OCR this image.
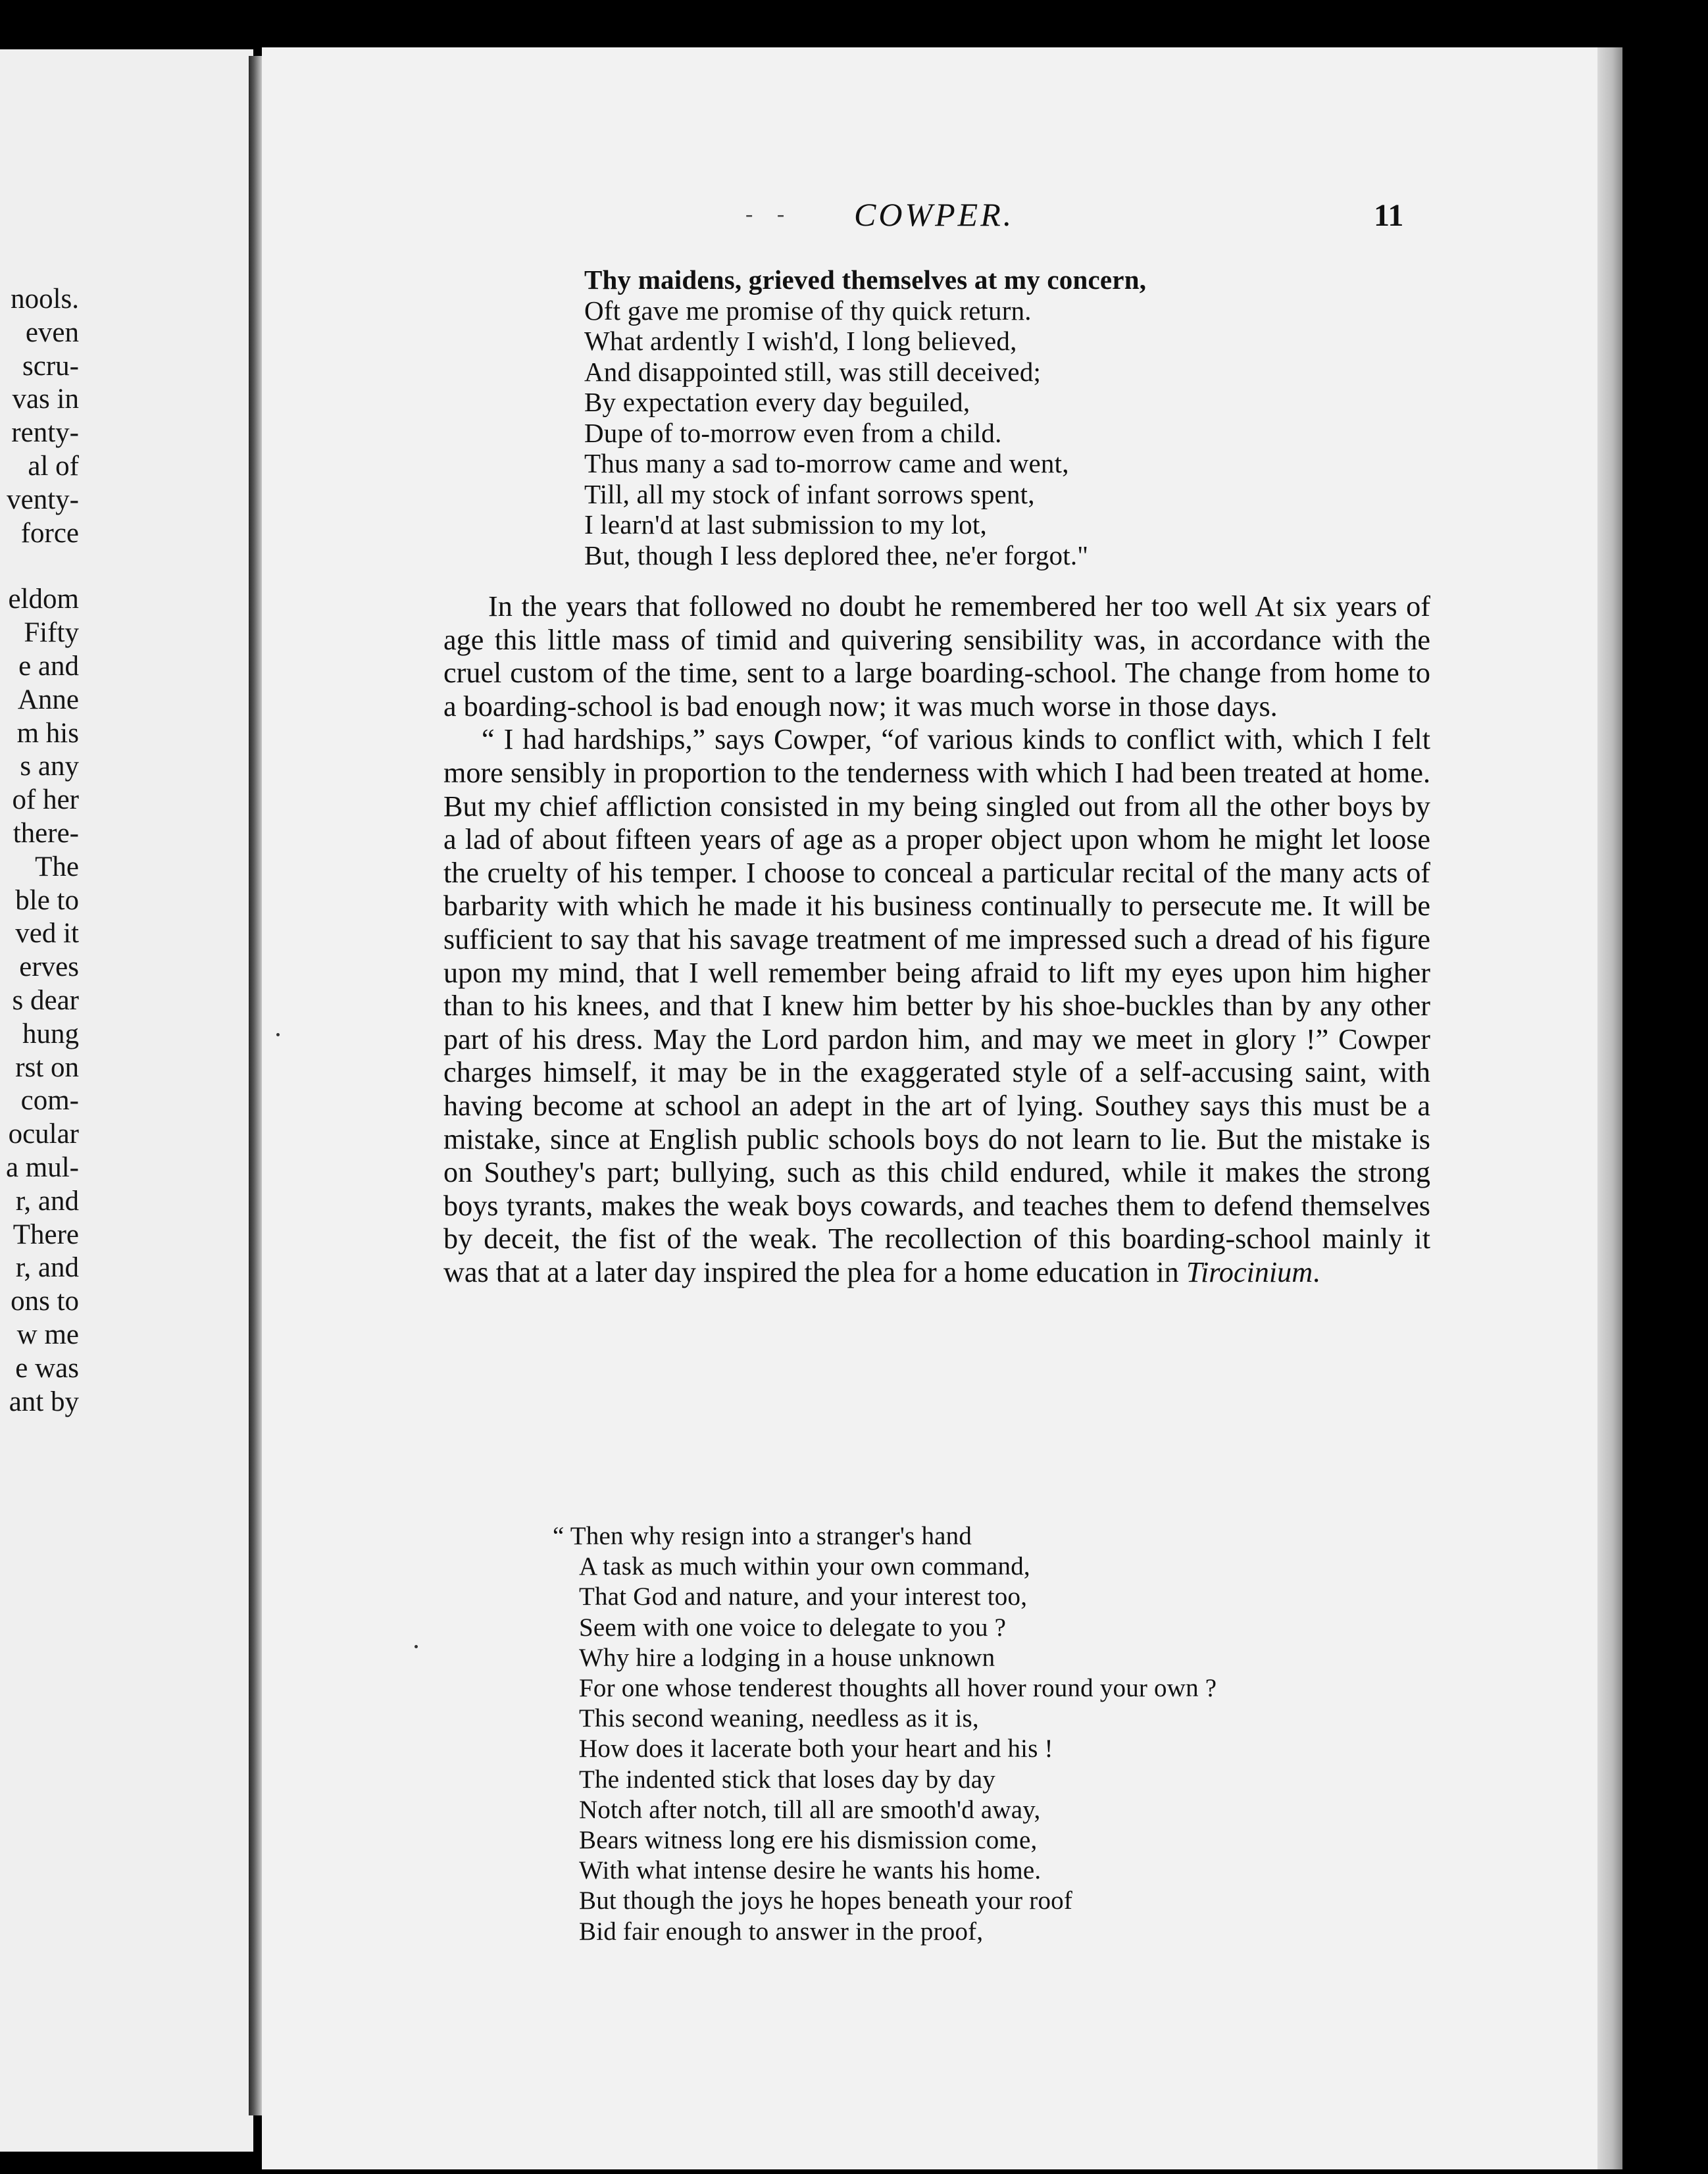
nools.
even
scru-
vas in
renty-
al of
venty-
force
eldom
Fifty
e and
Anne
m his
s any
of her
there-
The
ble to
ved it
erves
s dear
hung
rst on
com-
ocular
a mul-
r, and
There
r, and
ons to
w me
e was
ant by
- - COWPER.	11
Thy maidens, grieved themselves at my concern,
Oft gave me promise of thy quick return.
What ardently I wish'd, I long believed,
And disappointed still, was still deceived;
By expectation every day beguiled,
Dupe of to-morrow even from a child.
Thus many a sad to-morrow came and went,
Till, all my stock of infant sorrows spent,
I learn'd at last submission to my lot,
But, though I less deplored thee, ne'er forgot."

In the years that followed no doubt he remembered her too well At six years of age this little mass of timid and quivering sensibility was, in accordance with the cruel custom of the time, sent to a large boarding-school. The change from home to a boarding-school is bad enough now; it was much worse in those days.

“ I had hardships,” says Cowper, “of various kinds to conflict with, which I felt more sensibly in proportion to the tenderness with which I had been treated at home. But my chief affliction consisted in my being singled out from all the other boys by a lad of about fifteen years of age as a proper object upon whom he might let loose the cruelty of his temper. I choose to conceal a particular recital of the many acts of barbarity with which he made it his business continually to persecute me. It will be sufficient to say that his savage treatment of me impressed such a dread of his figure upon my mind, that I well remember being afraid to lift my eyes upon him higher than to his knees, and that I knew him better by his shoe-buckles than by any other part of his dress. May the Lord pardon him, and may we meet in glory !” Cowper charges himself, it may be in the exaggerated style of a self-accusing saint, with having become at school an adept in the art of lying. Southey says this must be a mistake, since at English public schools boys do not learn to lie. But the mistake is on Southey's part; bullying, such as this child endured, while it makes the strong boys tyrants, makes the weak boys cowards, and teaches them to defend themselves by deceit, the fist of the weak. The recollection of this boarding-school mainly it was that at a later day inspired the plea for a home education in Tirocinium.

“ Then why resign into a stranger's hand
A task as much within your own command,
That God and nature, and your interest too,
Seem with one voice to delegate to you ?
Why hire a lodging in a house unknown
For one whose tenderest thoughts all hover round your own ?
This second weaning, needless as it is,
How does it lacerate both your heart and his !
The indented stick that loses day by day
Notch after notch, till all are smooth'd away,
Bears witness long ere his dismission come,
With what intense desire he wants his home.
But though the joys he hopes beneath your roof
Bid fair enough to answer in the proof,
